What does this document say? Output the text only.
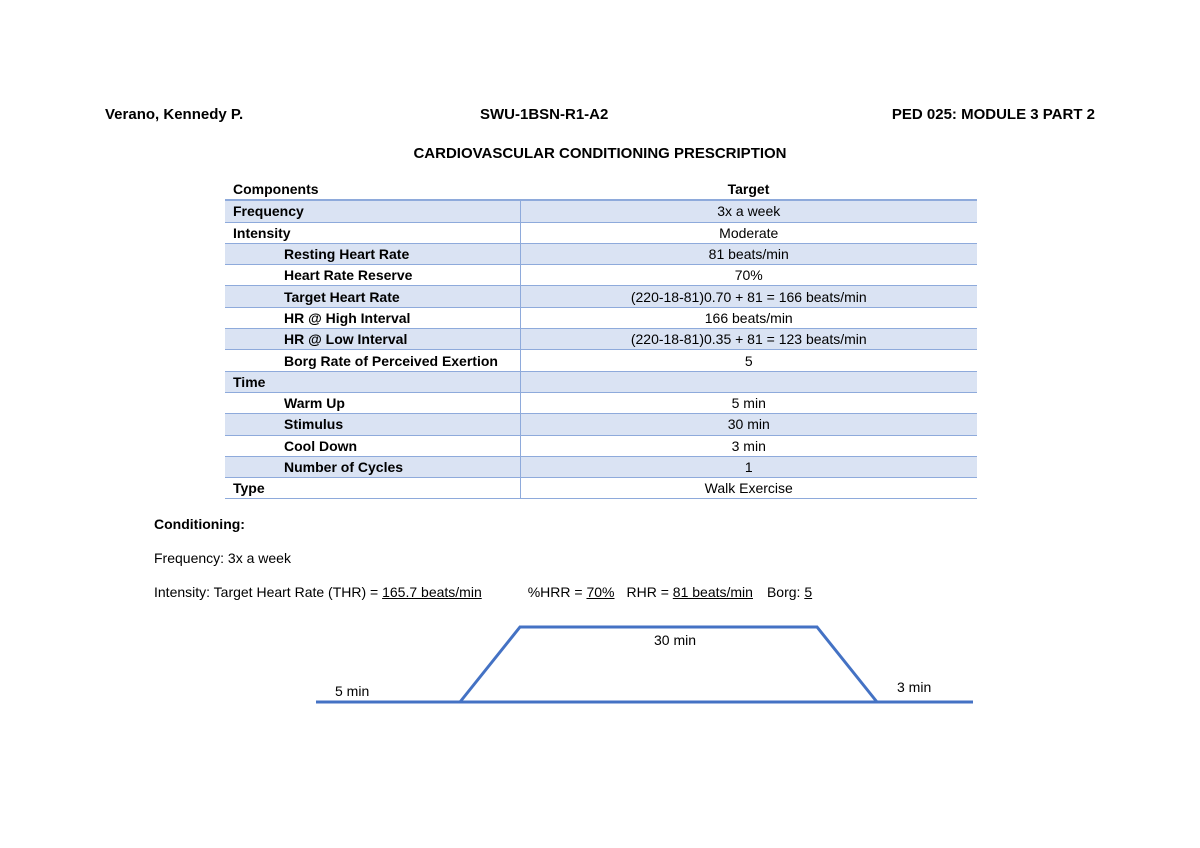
Verano, Kennedy P.	SWU-1BSN-R1-A2	PED 025: MODULE 3 PART 2
CARDIOVASCULAR CONDITIONING PRESCRIPTION
Components	Target
Frequency	3x a week
Intensity	Moderate
Resting Heart Rate	81 beats/min
Heart Rate Reserve	70%
Target Heart Rate	(220-18-81)0.70 + 81 = 166 beats/min
HR @ High Interval	166 beats/min
HR @ Low Interval	(220-18-81)0.35 + 81 = 123 beats/min
Borg Rate of Perceived Exertion	5
Time	
Warm Up	5 min
Stimulus	30 min
Cool Down	3 min
Number of Cycles	1
Type	Walk Exercise
Conditioning:
Frequency: 3x a week
Intensity: Target Heart Rate (THR) = 165.7 beats/min	%HRR = 70% RHR = 81 beats/min Borg: 5
5 min
30 min
3 min
